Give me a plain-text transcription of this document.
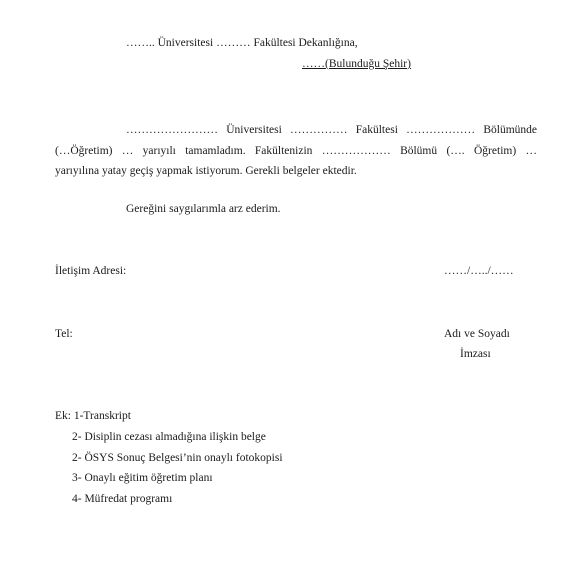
…….. Üniversitesi ……… Fakültesi Dekanlığına,
……(Bulunduğu Şehir)
…………………… Üniversitesi …………… Fakültesi ……………… Bölümünde
(…Öğretim) … yarıyılı tamamladım. Fakültenizin ……………… Bölümü (…. Öğretim) …
yarıyılına yatay geçiş yapmak istiyorum. Gerekli belgeler ektedir.
Gereğini saygılarımla arz ederim.
İletişim Adresi:	……/…../……
Tel:	Adı ve Soyadı
İmzası
Ek: 1-Transkript
2- Disiplin cezası almadığına ilişkin belge
2- ÖSYS Sonuç Belgesi’nin onaylı fotokopisi
3- Onaylı eğitim öğretim planı
4- Müfredat programı
